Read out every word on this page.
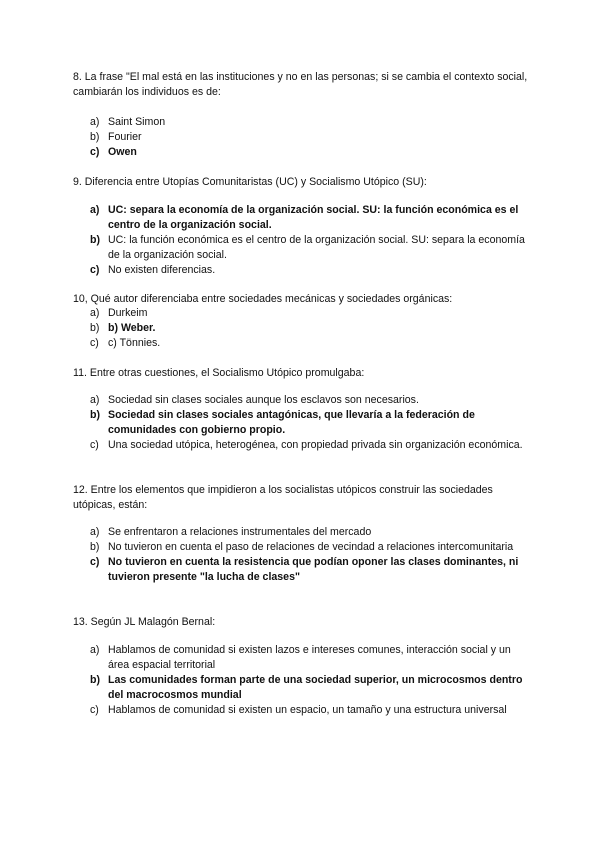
8. La frase "El mal está en las instituciones y no en las personas; si se cambia el contexto social, cambiarán los individuos es de:
a) Saint Simon
b) Fourier
c) Owen
9. Diferencia entre Utopías Comunitaristas (UC) y Socialismo Utópico (SU):
a) UC: separa la economía de la organización social. SU: la función económica es el centro de la organización social.
b) UC: la función económica es el centro de la organización social. SU: separa la economía de la organización social.
c) No existen diferencias.
10, Qué autor diferenciaba entre sociedades mecánicas y sociedades orgánicas:
a) Durkeim
b) b) Weber.
c) c) Tönnies.
11. Entre otras cuestiones, el Socialismo Utópico promulgaba:
a) Sociedad sin clases sociales aunque los esclavos son necesarios.
b) Sociedad sin clases sociales antagónicas, que llevaría a la federación de comunidades con gobierno propio.
c) Una sociedad utópica, heterogénea, con propiedad privada sin organización económica.
12. Entre los elementos que impidieron a los socialistas utópicos construir las sociedades utópicas, están:
a) Se enfrentaron a relaciones instrumentales del mercado
b) No tuvieron en cuenta el paso de relaciones de vecindad a relaciones intercomunitaria
c) No tuvieron en cuenta la resistencia que podían oponer las clases dominantes, ni tuvieron presente "la lucha de clases"
13. Según JL Malagón Bernal:
a) Hablamos de comunidad si existen lazos e intereses comunes, interacción social y un área espacial territorial
b) Las comunidades forman parte de una sociedad superior, un microcosmos dentro del macrocosmos mundial
c) Hablamos de comunidad si existen un espacio, un tamaño y una estructura universal
